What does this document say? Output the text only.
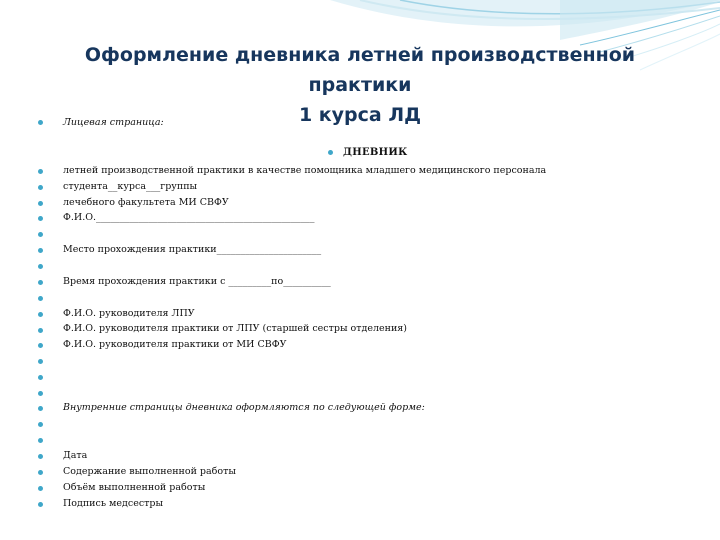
Оформление дневника летней производственной практики
1 курса ЛД
Лицевая страница:
ДНЕВНИК
летней производственной практики в качестве помощника младшего медицинского персонала
студента__курса___группы
лечебного факультета МИ СВФУ
Ф.И.О.______________________________________________
Место прохождения практики______________________
Время прохождения практики с _________по__________
Ф.И.О. руководителя ЛПУ
Ф.И.О. руководителя практики от ЛПУ (старшей сестры отделения)
Ф.И.О. руководителя практики от МИ СВФУ
Внутренние страницы дневника оформляются по следующей форме:
Дата
Содержание выполненной работы
Объём выполненной работы
Подпись медсестры
